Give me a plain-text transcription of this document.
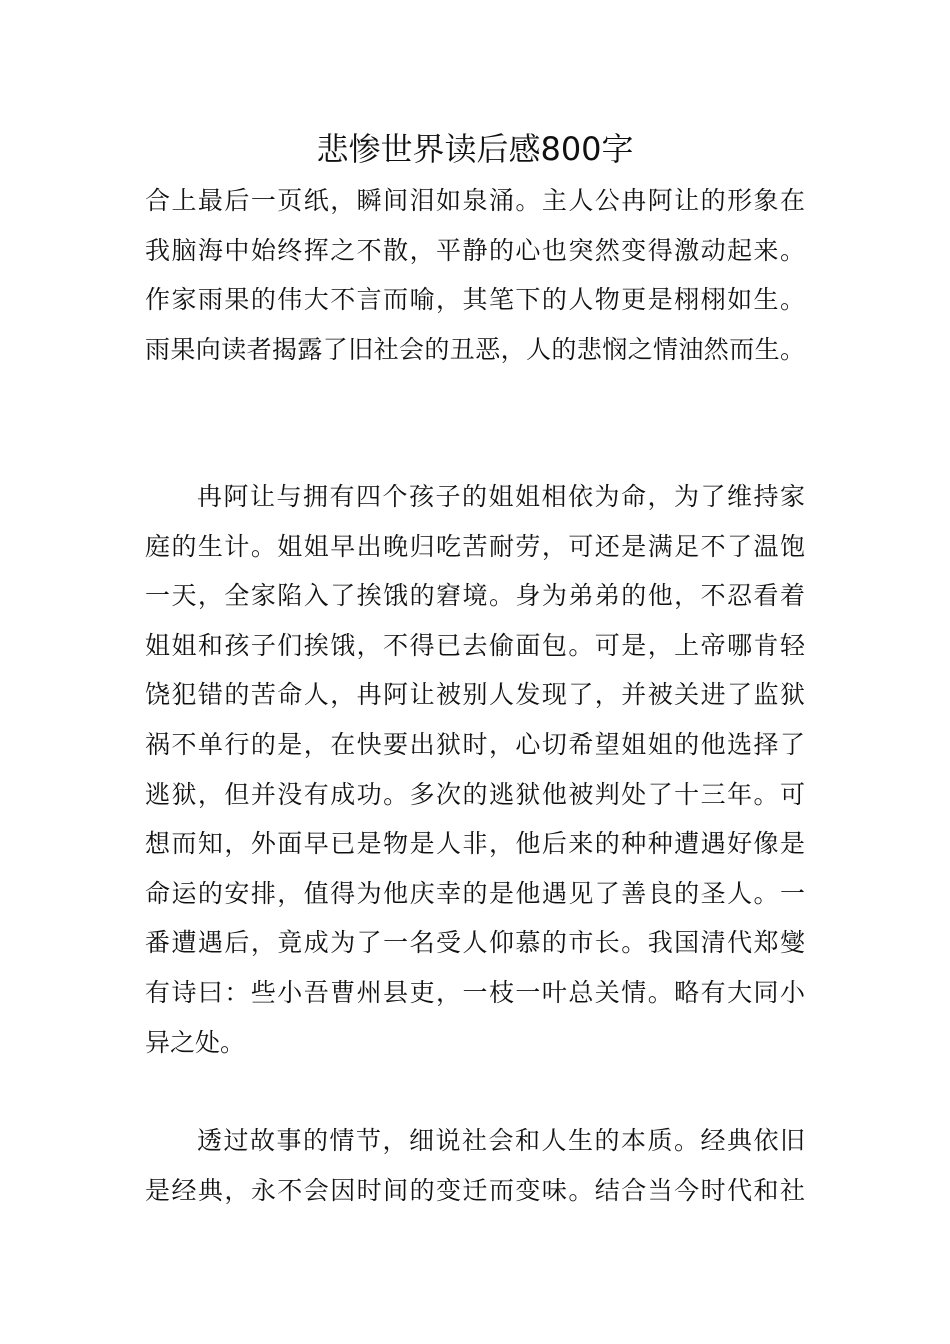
悲惨世界读后感800字
合上最后一页纸，瞬间泪如泉涌。主人公冉阿让的形象在
我脑海中始终挥之不散，平静的心也突然变得激动起来。
作家雨果的伟大不言而喻，其笔下的人物更是栩栩如生。
雨果向读者揭露了旧社会的丑恶，人的悲悯之情油然而生。
冉阿让与拥有四个孩子的姐姐相依为命，为了维持家
庭的生计。姐姐早出晚归吃苦耐劳，可还是满足不了温饱
一天，全家陷入了挨饿的窘境。身为弟弟的他，不忍看着
姐姐和孩子们挨饿，不得已去偷面包。可是，上帝哪肯轻
饶犯错的苦命人，冉阿让被别人发现了，并被关进了监狱
祸不单行的是，在快要出狱时，心切希望姐姐的他选择了
逃狱，但并没有成功。多次的逃狱他被判处了十三年。可
想而知，外面早已是物是人非，他后来的种种遭遇好像是
命运的安排，值得为他庆幸的是他遇见了善良的圣人。一
番遭遇后，竟成为了一名受人仰慕的市长。我国清代郑燮
有诗曰：些小吾曹州县吏，一枝一叶总关情。略有大同小
异之处。
透过故事的情节，细说社会和人生的本质。经典依旧
是经典，永不会因时间的变迁而变味。结合当今时代和社
